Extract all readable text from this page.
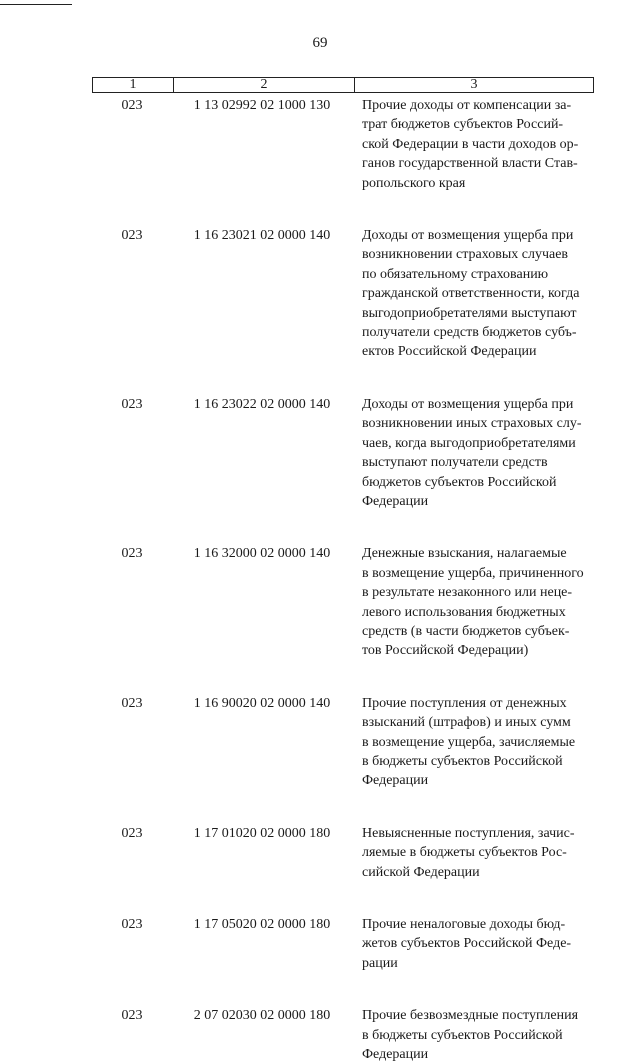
69
1	2	3
023	1 13 02992 02 1000 130	Прочие доходы от компенсации за-
трат бюджетов субъектов Россий-
ской Федерации в части доходов ор-
ганов государственной власти Став-
ропольского края
023	1 16 23021 02 0000 140	Доходы от возмещения ущерба при
возникновении страховых случаев
по обязательному страхованию
гражданской ответственности, когда
выгодоприобретателями выступают
получатели средств бюджетов субъ-
ектов Российской Федерации
023	1 16 23022 02 0000 140	Доходы от возмещения ущерба при
возникновении иных страховых слу-
чаев, когда выгодоприобретателями
выступают получатели средств
бюджетов субъектов Российской
Федерации
023	1 16 32000 02 0000 140	Денежные взыскания, налагаемые
в возмещение ущерба, причиненного
в результате незаконного или неце-
левого использования бюджетных
средств (в части бюджетов субъек-
тов Российской Федерации)
023	1 16 90020 02 0000 140	Прочие поступления от денежных
взысканий (штрафов) и иных сумм
в возмещение ущерба, зачисляемые
в бюджеты субъектов Российской
Федерации
023	1 17 01020 02 0000 180	Невыясненные поступления, зачис-
ляемые в бюджеты субъектов Рос-
сийской Федерации
023	1 17 05020 02 0000 180	Прочие неналоговые доходы бюд-
жетов субъектов Российской Феде-
рации
023	2 07 02030 02 0000 180	Прочие безвозмездные поступления
в бюджеты субъектов Российской
Федерации
